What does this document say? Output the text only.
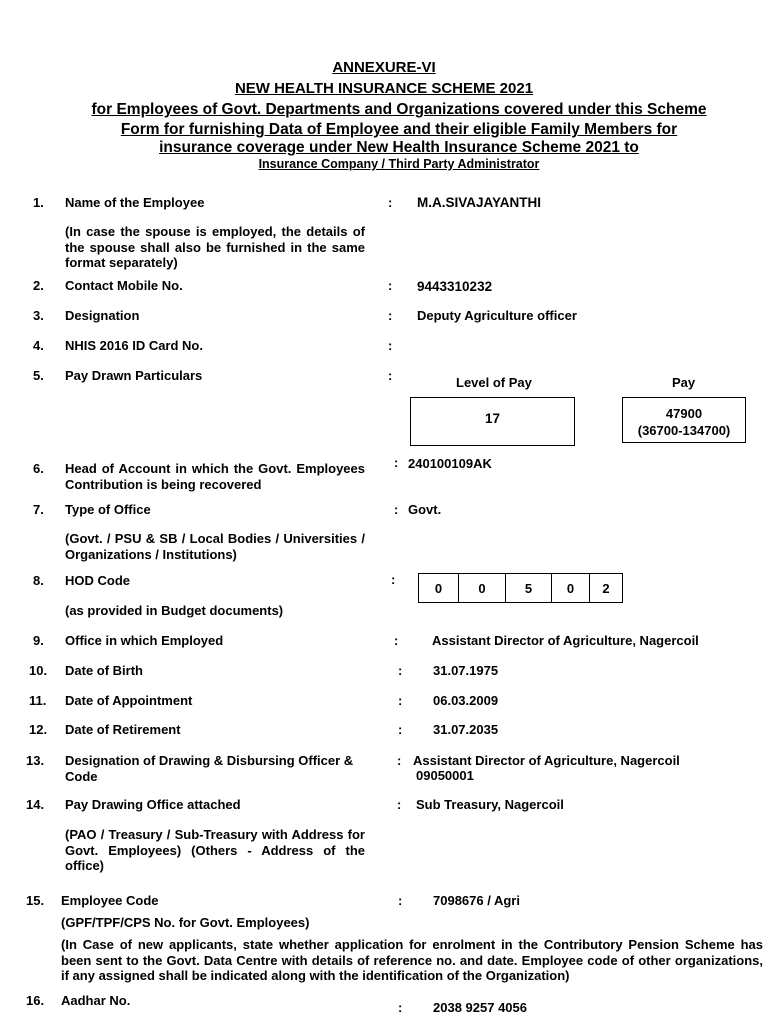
ANNEXURE-VI
NEW HEALTH INSURANCE SCHEME 2021
for Employees of Govt. Departments and Organizations covered under this Scheme
Form for furnishing Data of Employee and their eligible Family Members for
insurance coverage under New Health Insurance Scheme 2021 to
Insurance Company / Third Party Administrator
1. Name of the Employee	: M.A.SIVAJAYANTHI
(In case the spouse is employed, the details of the spouse shall also be furnished in the same format separately)
2. Contact Mobile No.	: 9443310232
3. Designation	: Deputy Agriculture officer
4. NHIS 2016 ID Card No.	:
5. Pay Drawn Particulars	:	Level of Pay	Pay
17	47900
(36700-134700)
6. Head of Account in which the Govt. Employees Contribution is being recovered
: 240100109AK
7. Type of Office	: Govt.
(Govt. / PSU & SB / Local Bodies / Universities / Organizations / Institutions)
8. HOD Code	:
(as provided in Budget documents)
0	0	5	0	2
9. Office in which Employed	:	Assistant Director of Agriculture, Nagercoil
10. Date of Birth	: 31.07.1975
11. Date of Appointment	: 06.03.2009
12. Date of Retirement	: 31.07.2035
13. Designation of Drawing & Disbursing Officer & Code
: Assistant Director of Agriculture, Nagercoil
09050001
14. Pay Drawing Office attached	: Sub Treasury, Nagercoil
(PAO / Treasury / Sub-Treasury with Address for Govt. Employees) (Others - Address of the office)
15. Employee Code	: 7098676 / Agri
(GPF/TPF/CPS No. for Govt. Employees)
(In Case of new applicants, state whether application for enrolment in the Contributory Pension Scheme has been sent to the Govt. Data Centre with details of reference no. and date. Employee code of other organizations, if any assigned shall be indicated along with the identification of the Organization)
16. Aadhar No.	: 2038 9257 4056
